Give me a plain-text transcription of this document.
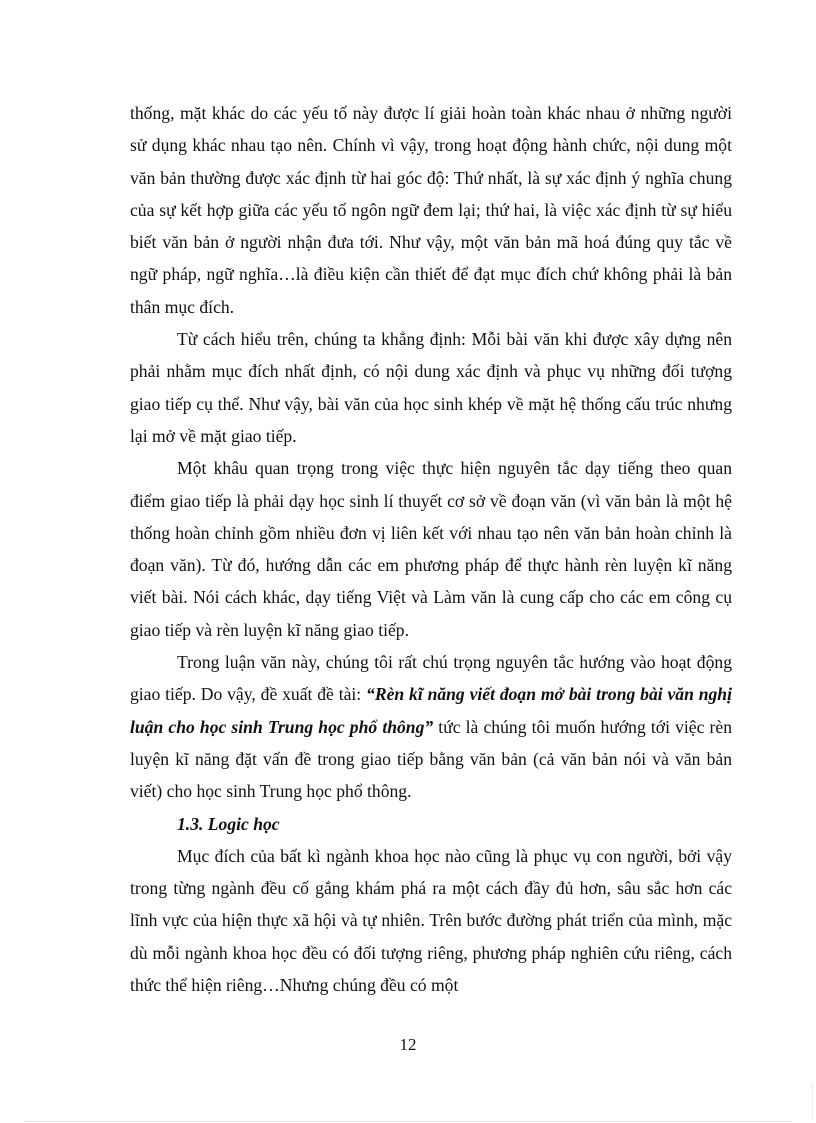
thống, mặt khác do các yếu tố này được lí giải hoàn toàn khác nhau ở những người sử dụng khác nhau tạo nên. Chính vì vậy, trong hoạt động hành chức, nội dung một văn bản thường được xác định từ hai góc độ: Thứ nhất, là sự xác định ý nghĩa chung của sự kết hợp giữa các yếu tố ngôn ngữ đem lại; thứ hai, là việc xác định từ sự hiểu biết văn bản ở người nhận đưa tới. Như vậy, một văn bản mã hoá đúng quy tắc về ngữ pháp, ngữ nghĩa…là điều kiện cần thiết để đạt mục đích chứ không phải là bản thân mục đích.

Từ cách hiểu trên, chúng ta khẳng định: Mỗi bài văn khi được xây dựng nên phải nhằm mục đích nhất định, có nội dung xác định và phục vụ những đối tượng giao tiếp cụ thể. Như vậy, bài văn của học sinh khép về mặt hệ thống cấu trúc nhưng lại mở về mặt giao tiếp.

Một khâu quan trọng trong việc thực hiện nguyên tắc dạy tiếng theo quan điểm giao tiếp là phải dạy học sinh lí thuyết cơ sở về đoạn văn (vì văn bản là một hệ thống hoàn chỉnh gồm nhiều đơn vị liên kết với nhau tạo nên văn bản hoàn chỉnh là đoạn văn). Từ đó, hướng dẫn các em phương pháp để thực hành rèn luyện kĩ năng viết bài. Nói cách khác, dạy tiếng Việt và Làm văn là cung cấp cho các em công cụ giao tiếp và rèn luyện kĩ năng giao tiếp.

Trong luận văn này, chúng tôi rất chú trọng nguyên tắc hướng vào hoạt động giao tiếp. Do vậy, đề xuất đề tài: “Rèn kĩ năng viết đoạn mở bài trong bài văn nghị luận cho học sinh Trung học phổ thông” tức là chúng tôi muốn hướng tới việc rèn luyện kĩ năng đặt vấn đề trong giao tiếp bằng văn bản (cả văn bản nói và văn bản viết) cho học sinh Trung học phổ thông.

1.3. Logic học

Mục đích của bất kì ngành khoa học nào cũng là phục vụ con người, bởi vậy trong từng ngành đều cố gắng khám phá ra một cách đầy đủ hơn, sâu sắc hơn các lĩnh vực của hiện thực xã hội và tự nhiên. Trên bước đường phát triển của mình, mặc dù mỗi ngành khoa học đều có đối tượng riêng, phương pháp nghiên cứu riêng, cách thức thể hiện riêng…Nhưng chúng đều có một

12
